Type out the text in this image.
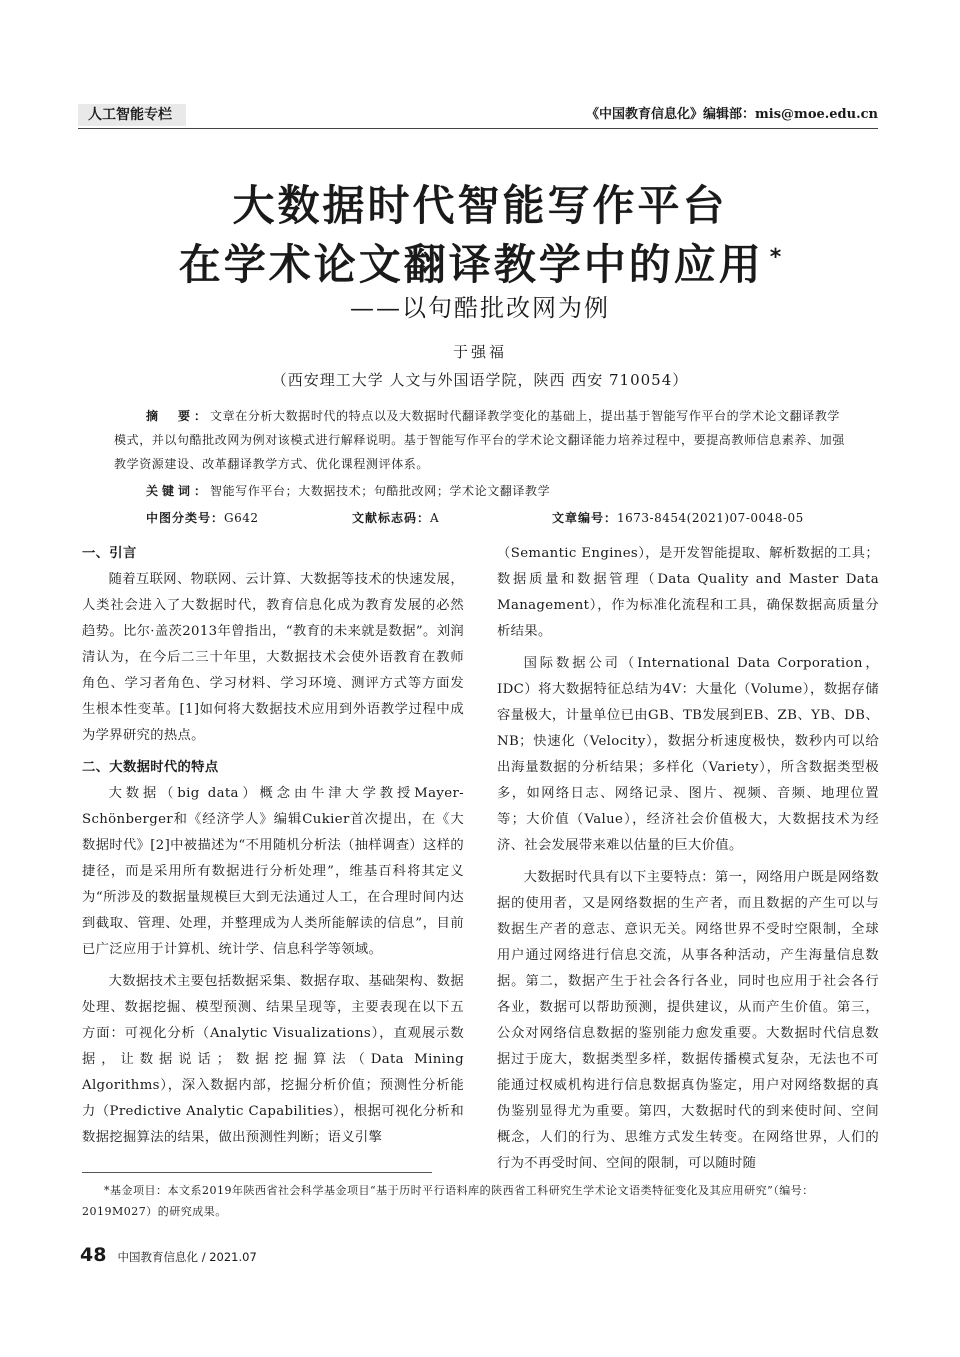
人工智能专栏	《中国教育信息化》编辑部：mis@moe.edu.cn
大数据时代智能写作平台
在学术论文翻译教学中的应用 *
——以句酷批改网为例
于强福
（西安理工大学 人文与外国语学院，陕西 西安 710054）
摘　要：文章在分析大数据时代的特点以及大数据时代翻译教学变化的基础上，提出基于智能写作平台的学术论文翻译教学模式，并以句酷批改网为例对该模式进行解释说明。基于智能写作平台的学术论文翻译能力培养过程中，要提高教师信息素养、加强教学资源建设、改革翻译教学方式、优化课程测评体系。
关键词：智能写作平台；大数据技术；句酷批改网；学术论文翻译教学
中图分类号：G642	文献标志码：A	文章编号：1673-8454(2021)07-0048-05
一、引言

随着互联网、物联网、云计算、大数据等技术的快速发展，人类社会进入了大数据时代，教育信息化成为教育发展的必然趋势。比尔·盖茨2013年曾指出，“教育的未来就是数据”。刘润清认为，在今后二三十年里，大数据技术会使外语教育在教师角色、学习者角色、学习材料、学习环境、测评方式等方面发生根本性变革。[1]如何将大数据技术应用到外语教学过程中成为学界研究的热点。

二、大数据时代的特点

大数据（big data）概念由牛津大学教授Mayer-Schönberger和《经济学人》编辑Cukier首次提出，在《大数据时代》[2]中被描述为“不用随机分析法（抽样调查）这样的捷径，而是采用所有数据进行分析处理”，维基百科将其定义为“所涉及的数据量规模巨大到无法通过人工，在合理时间内达到截取、管理、处理，并整理成为人类所能解读的信息”，目前已广泛应用于计算机、统计学、信息科学等领域。

大数据技术主要包括数据采集、数据存取、基础架构、数据处理、数据挖掘、模型预测、结果呈现等，主要表现在以下五方面：可视化分析（Analytic Visualizations），直观展示数据，让数据说话；数据挖掘算法（Data Mining Algorithms），深入数据内部，挖掘分析价值；预测性分析能力（Predictive Analytic Capabilities），根据可视化分析和数据挖掘算法的结果，做出预测性判断；语义引擎

（Semantic Engines），是开发智能提取、解析数据的工具；数据质量和数据管理（Data Quality and Master Data Management），作为标准化流程和工具，确保数据高质量分析结果。

国际数据公司（International Data Corporation，IDC）将大数据特征总结为4V：大量化（Volume），数据存储容量极大，计量单位已由GB、TB发展到EB、ZB、YB、DB、NB；快速化（Velocity），数据分析速度极快，数秒内可以给出海量数据的分析结果；多样化（Variety），所含数据类型极多，如网络日志、网络记录、图片、视频、音频、地理位置等；大价值（Value），经济社会价值极大，大数据技术为经济、社会发展带来难以估量的巨大价值。

大数据时代具有以下主要特点：第一，网络用户既是网络数据的使用者，又是网络数据的生产者，而且数据的产生可以与数据生产者的意志、意识无关。网络世界不受时空限制，全球用户通过网络进行信息交流，从事各种活动，产生海量信息数据。第二，数据产生于社会各行各业，同时也应用于社会各行各业，数据可以帮助预测，提供建议，从而产生价值。第三，公众对网络信息数据的鉴别能力愈发重要。大数据时代信息数据过于庞大，数据类型多样，数据传播模式复杂，无法也不可能通过权威机构进行信息数据真伪鉴定，用户对网络数据的真伪鉴别显得尤为重要。第四，大数据时代的到来使时间、空间概念，人们的行为、思维方式发生转变。在网络世界，人们的行为不再受时间、空间的限制，可以随时随

*基金项目：本文系2019年陕西省社会科学基金项目“基于历时平行语料库的陕西省工科研究生学术论文语类特征变化及其应用研究”（编号：2019M027）的研究成果。
48 中国教育信息化 / 2021.07
